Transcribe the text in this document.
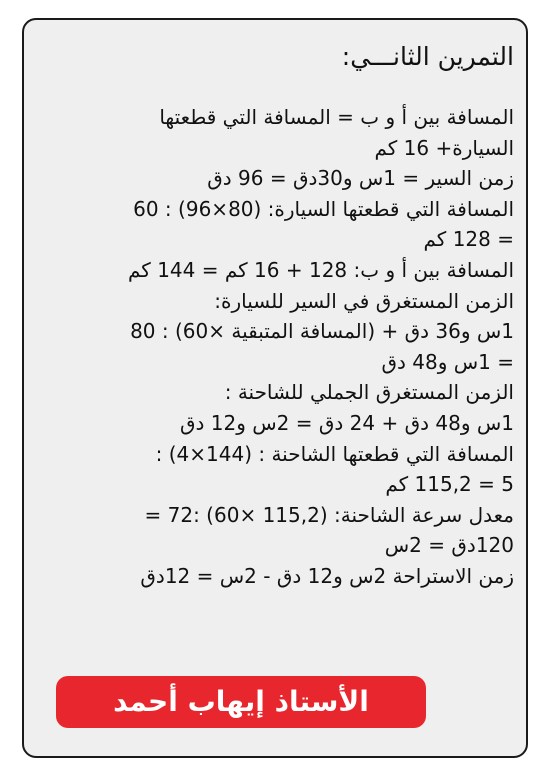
التمرين الثانـــي:
المسافة بين أ و ب = المسافة التي قطعتها
السيارة+ 16 كم
زمن السير = 1س و30دق = 96 دق
المسافة التي قطعتها السيارة: (80×96) : 60
= 128 كم
المسافة بين أ و ب: 128 + 16 كم = 144 كم
الزمن المستغرق في السير للسيارة:
1س و36 دق + (المسافة المتبقية ×60) : 80
= 1س و48 دق
الزمن المستغرق الجملي للشاحنة :
1س و48 دق + 24 دق = 2س و12 دق
المسافة التي قطعتها الشاحنة : (144×4) :
5 = 115,2 كم
معدل سرعة الشاحنة: (115,2 ×60) :72 =
120دق = 2س
زمن الاستراحة 2س و12 دق - 2س = 12دق
الأستاذ إيهاب أحمد
